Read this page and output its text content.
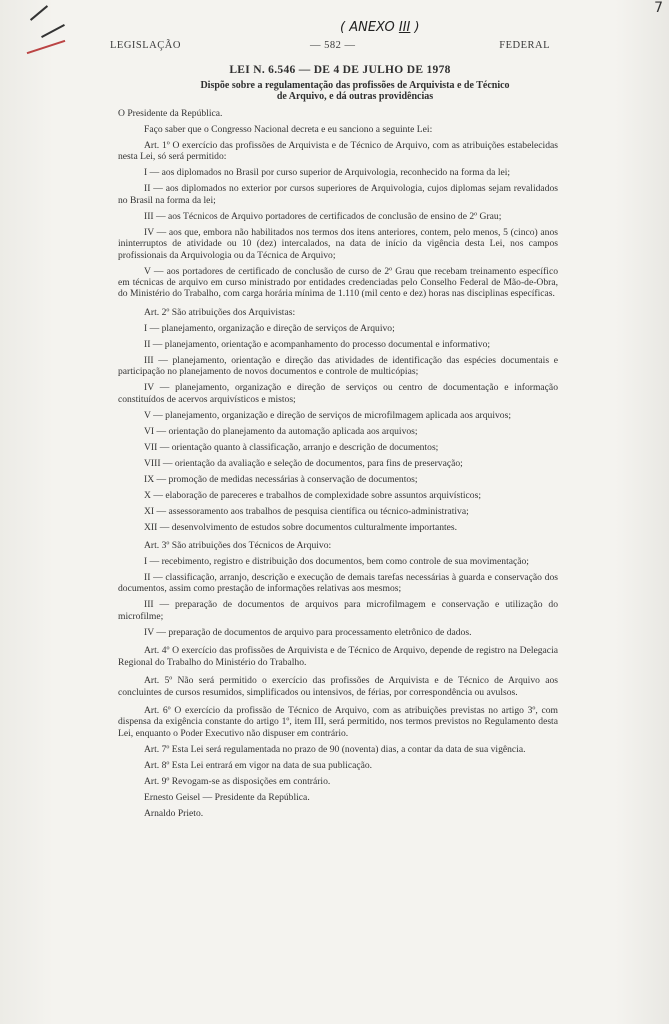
( ANEXO III )
7
LEGISLAÇÃO	— 582 —	FEDERAL
LEI N. 6.546 — DE 4 DE JULHO DE 1978
Dispõe sobre a regulamentação das profissões de Arquivista e de Técnico de Arquivo, e dá outras providências

O Presidente da República.

Faço saber que o Congresso Nacional decreta e eu sanciono a seguinte Lei:

Art. 1º O exercício das profissões de Arquivista e de Técnico de Arquivo, com as atribuições estabelecidas nesta Lei, só será permitido:

I — aos diplomados no Brasil por curso superior de Arquivologia, reconhecido na forma da lei;

II — aos diplomados no exterior por cursos superiores de Arquivologia, cujos diplomas sejam revalidados no Brasil na forma da lei;

III — aos Técnicos de Arquivo portadores de certificados de conclusão de ensino de 2º Grau;

IV — aos que, embora não habilitados nos termos dos itens anteriores, contem, pelo menos, 5 (cinco) anos ininterruptos de atividade ou 10 (dez) intercalados, na data de início da vigência desta Lei, nos campos profissionais da Arquivologia ou da Técnica de Arquivo;

V — aos portadores de certificado de conclusão de curso de 2º Grau que recebam treinamento específico em técnicas de arquivo em curso ministrado por entidades credenciadas pelo Conselho Federal de Mão-de-Obra, do Ministério do Trabalho, com carga horária mínima de 1.110 (mil cento e dez) horas nas disciplinas específicas.

Art. 2º São atribuições dos Arquivistas:

I — planejamento, organização e direção de serviços de Arquivo;

II — planejamento, orientação e acompanhamento do processo documental e informativo;

III — planejamento, orientação e direção das atividades de identificação das espécies documentais e participação no planejamento de novos documentos e controle de multicópias;

IV — planejamento, organização e direção de serviços ou centro de documentação e informação constituídos de acervos arquivísticos e mistos;

V — planejamento, organização e direção de serviços de microfilmagem aplicada aos arquivos;

VI — orientação do planejamento da automação aplicada aos arquivos;

VII — orientação quanto à classificação, arranjo e descrição de documentos;

VIII — orientação da avaliação e seleção de documentos, para fins de preservação;

IX — promoção de medidas necessárias à conservação de documentos;

X — elaboração de pareceres e trabalhos de complexidade sobre assuntos arquivísticos;

XI — assessoramento aos trabalhos de pesquisa científica ou técnico-administrativa;

XII — desenvolvimento de estudos sobre documentos culturalmente importantes.

Art. 3º São atribuições dos Técnicos de Arquivo:

I — recebimento, registro e distribuição dos documentos, bem como controle de sua movimentação;

II — classificação, arranjo, descrição e execução de demais tarefas necessárias à guarda e conservação dos documentos, assim como prestação de informações relativas aos mesmos;

III — preparação de documentos de arquivos para microfilmagem e conservação e utilização do microfilme;

IV — preparação de documentos de arquivo para processamento eletrônico de dados.

Art. 4º O exercício das profissões de Arquivista e de Técnico de Arquivo, depende de registro na Delegacia Regional do Trabalho do Ministério do Trabalho.

Art. 5º Não será permitido o exercício das profissões de Arquivista e de Técnico de Arquivo aos concluintes de cursos resumidos, simplificados ou intensivos, de férias, por correspondência ou avulsos.

Art. 6º O exercício da profissão de Técnico de Arquivo, com as atribuições previstas no artigo 3º, com dispensa da exigência constante do artigo 1º, item III, será permitido, nos termos previstos no Regulamento desta Lei, enquanto o Poder Executivo não dispuser em contrário.

Art. 7º Esta Lei será regulamentada no prazo de 90 (noventa) dias, a contar da data de sua vigência.

Art. 8º Esta Lei entrará em vigor na data de sua publicação.

Art. 9º Revogam-se as disposições em contrário.

Ernesto Geisel — Presidente da República.

Arnaldo Prieto.
